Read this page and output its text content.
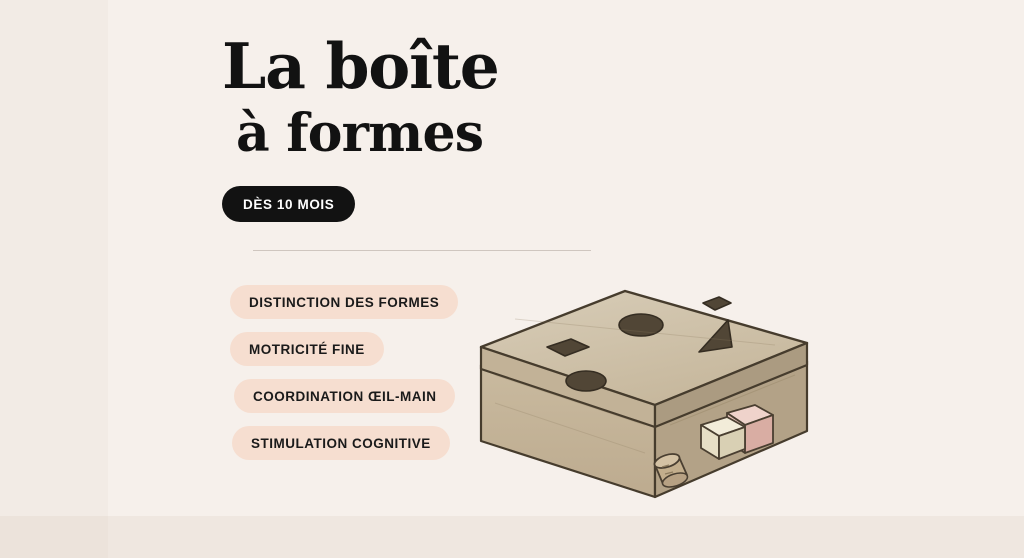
La boîte
à formes
DÈS 10 MOIS
DISTINCTION DES FORMES
MOTRICITÉ FINE
COORDINATION ŒIL-MAIN
STIMULATION COGNITIVE
